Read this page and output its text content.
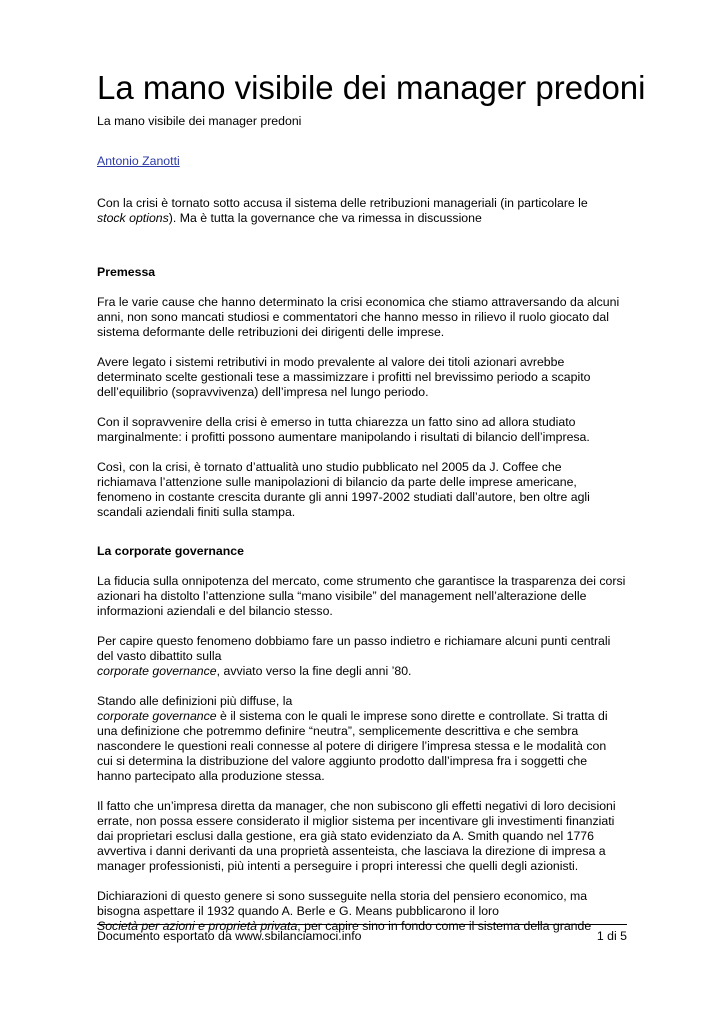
La mano visibile dei manager predoni
La mano visibile dei manager predoni
Antonio Zanotti

Con la crisi è tornato sotto accusa il sistema delle retribuzioni manageriali (in particolare le
stock options). Ma è tutta la governance che va rimessa in discussione

Premessa

Fra le varie cause che hanno determinato la crisi economica che stiamo attraversando da alcuni
anni, non sono mancati studiosi e commentatori che hanno messo in rilievo il ruolo giocato dal
sistema deformante delle retribuzioni dei dirigenti delle imprese.

Avere legato i sistemi retributivi in modo prevalente al valore dei titoli azionari avrebbe
determinato scelte gestionali tese a massimizzare i profitti nel brevissimo periodo a scapito
dell’equilibrio (sopravvivenza) dell’impresa nel lungo periodo.

Con il sopravvenire della crisi è emerso in tutta chiarezza un fatto sino ad allora studiato
marginalmente: i profitti possono aumentare manipolando i risultati di bilancio dell’impresa.

Così, con la crisi, è tornato d’attualità uno studio pubblicato nel 2005 da J. Coffee che
richiamava l’attenzione sulle manipolazioni di bilancio da parte delle imprese americane,
fenomeno in costante crescita durante gli anni 1997-2002 studiati dall’autore, ben oltre agli
scandali aziendali finiti sulla stampa.

La corporate governance

La fiducia sulla onnipotenza del mercato, come strumento che garantisce la trasparenza dei corsi
azionari ha distolto l’attenzione sulla “mano visibile” del management nell’alterazione delle
informazioni aziendali e del bilancio stesso.

Per capire questo fenomeno dobbiamo fare un passo indietro e richiamare alcuni punti centrali
del vasto dibattito sulla
corporate governance, avviato verso la fine degli anni ’80.

Stando alle definizioni più diffuse, la
corporate governance è il sistema con le quali le imprese sono dirette e controllate. Si tratta di
una definizione che potremmo definire “neutra”, semplicemente descrittiva e che sembra
nascondere le questioni reali connesse al potere di dirigere l’impresa stessa e le modalità con
cui si determina la distribuzione del valore aggiunto prodotto dall’impresa fra i soggetti che
hanno partecipato alla produzione stessa.

Il fatto che un’impresa diretta da manager, che non subiscono gli effetti negativi di loro decisioni
errate, non possa essere considerato il miglior sistema per incentivare gli investimenti finanziati
dai proprietari esclusi dalla gestione, era già stato evidenziato da A. Smith quando nel 1776
avvertiva i danni derivanti da una proprietà assenteista, che lasciava la direzione di impresa a
manager professionisti, più intenti a perseguire i propri interessi che quelli degli azionisti.

Dichiarazioni di questo genere si sono susseguite nella storia del pensiero economico, ma
bisogna aspettare il 1932 quando A. Berle e G. Means pubblicarono il loro
Società per azioni e proprietà privata, per capire sino in fondo come il sistema della grande

Documento esportato da www.sbilanciamoci.info	1 di 5
